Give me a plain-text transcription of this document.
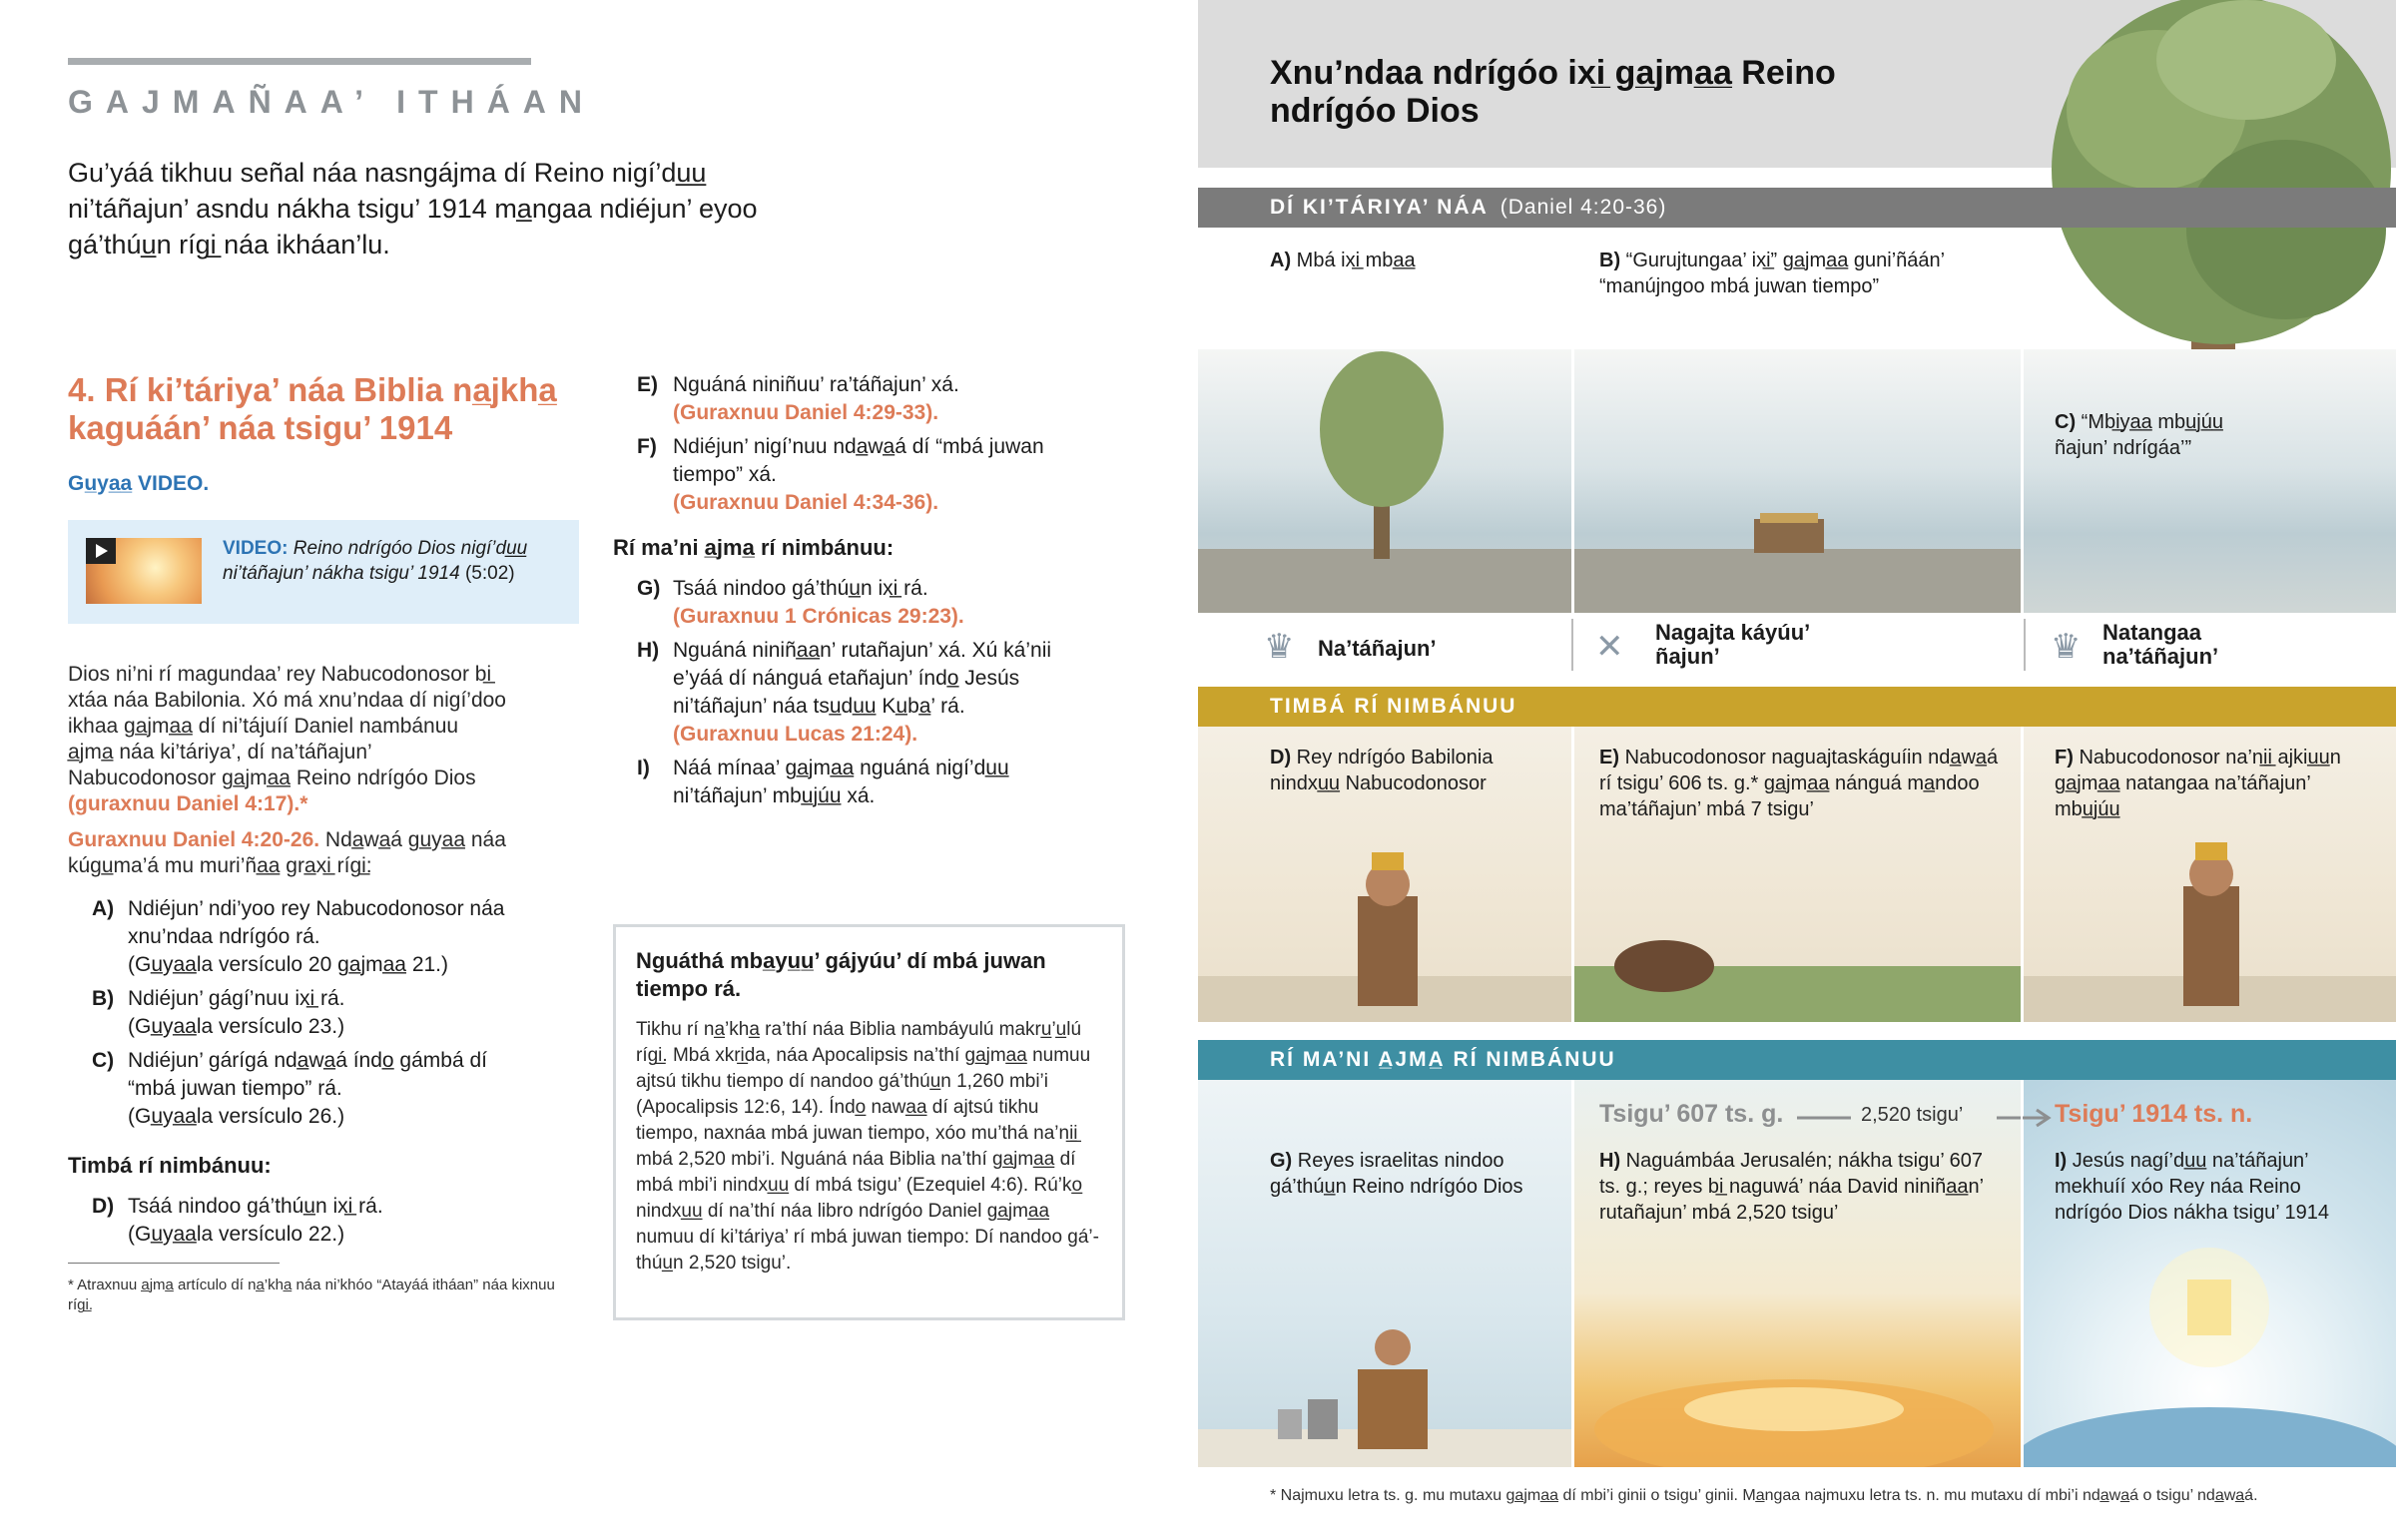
GAJMAÑAA’ ITHÁAN
Gu’yáá tikhuu señal náa nasngájma dí Reino nigí’du̲u̲ ni’táñajun’ asndu nákha tsigu’ 1914 ma̲ngaa ndiéjun’ eyoo gá’thúu̲n rígi̲ náa ikháan’lu.
4. Rí ki’táriya’ náa Biblia na̲jkha̲ kaguáán’ náa tsigu’ 1914
Gu̲ya̲a̲ VIDEO.
VIDEO: Reino ndrígóo Dios nigí’du̲u̲ ni’táñajun’ nákha tsigu’ 1914 (5:02)
Dios ni’ni rí magundaa’ rey Nabucodonosor bi̲ xtáa náa Babilonia. Xó má xnu’ndaa dí nigí’doo ikhaa ga̲jma̲a̲ dí ni’tájuíí Daniel nambánuu a̲jma̲ náa ki’táriya’, dí na’táñajun’ Nabucodonosor ga̲jma̲a̲ Reino ndrígóo Dios (guraxnuu Daniel 4:17).*
Guraxnuu Daniel 4:20-26. Nda̲wa̲á gu̲ya̲a̲ náa kúgu̲ma’á mu muri’ña̲a̲ gra̲xi̲ rígi̲:
A) Ndiéjun’ ndi’yoo rey Nabucodonosor náa xnu’ndaa ndrígóo rá.
(Gu̲ya̲a̲la versículo 20 ga̲jma̲a̲ 21.)
B) Ndiéjun’ gágí’nuu ixi̲ rá.
(Gu̲ya̲a̲la versículo 23.)
C) Ndiéjun’ gárígá nda̲wa̲á índo̲ gámbá dí “mbá juwan tiempo” rá.
(Gu̲ya̲a̲la versículo 26.)
Timbá rí nimbánuu:
D) Tsáá nindoo gá’thúu̲n ixi̲ rá.
(Gu̲ya̲a̲la versículo 22.)
* Atraxnuu a̲jma̲ artículo dí na̲’kha̲ náa ni’khóo “Atayáá itháan” náa kixnuu rígi̲.
E) Nguáná niniñuu’ ra’táñajun’ xá.
(Guraxnuu Daniel 4:29-33).
F) Ndiéjun’ nigí’nuu nda̲wa̲á dí “mbá juwan tiempo” xá.
(Guraxnuu Daniel 4:34-36).
Rí ma’ni a̲jma̲ rí nimbánuu:
G) Tsáá nindoo gá’thúu̲n ixi̲ rá.
(Guraxnuu 1 Crónicas 29:23).
H) Nguáná niniña̲a̲n’ rutañajun’ xá. Xú ká’nii e’yáá dí nánguá etañajun’ índo̲ Jesús ni’táñajun’ náa tsu̲du̲u̲ Ku̲ba̲’ rá.
(Guraxnuu Lucas 21:24).
I)	Náá mínaa’ ga̲jma̲a̲ nguáná nigí’du̲u̲ ni’táñajun’ mbu̲jú̲u̲ xá.
Nguáthá mba̲yu̲u̲’ gájyúu’ dí mbá juwan tiempo rá.
Tikhu rí na̲’kha̲ ra’thí náa Biblia nambáyulú makru̲’u̲lú rígi̲. Mbá xkri̲da, náa Apocalipsis na’thí ga̲jma̲a̲ numuu ajtsú tikhu tiempo dí nandoo gá’thúu̲n 1,260 mbi’i (Apocalipsis 12:6, 14). Índo̲ nawa̲a̲ dí ajtsú tikhu tiempo, naxnáa mbá juwan tiempo, xóo mu’thá na’ni̲i̲ mbá 2,520 mbi’i. Nguáná náa Biblia na’thí ga̲jma̲a̲ dí mbá mbi’i nindxu̲u̲ dí mbá tsigu’ (Ezequiel 4:6). Rú’ko̲ nindxu̲u̲ dí na’thí náa libro ndrígóo Daniel ga̲jma̲a̲ numuu dí ki’táriya’ rí mbá juwan tiempo: Dí nandoo gá’thúu̲n 2,520 tsigu’.
Xnu’ndaa ndrígóo ixi̲ ga̲jma̲a̲ Reino ndrígóo Dios
DÍ KI’TÁRIYA’ NÁA (Daniel 4:20-36)
A) Mbá ixi̲ mba̲a̲	B) “Gurujtungaa’ ixi̲” ga̲jma̲a̲ guni’ñáán’ “manújngoo mbá juwan tiempo”
C) “Mbi̲ya̲a̲ mbu̲jú̲u̲ ñajun’ ndrígáa’”
♛ Na’táñajun’	✕ Nagajta káyúu’ ñajun’	♛ Natangaa na’táñajun’
TIMBÁ RÍ NIMBÁNUU
D) Rey ndrígóo Babilonia nindxu̲u̲ Nabucodonosor
E) Nabucodonosor naguajtaskáguíin nda̲wa̲á rí tsigu’ 606 ts. g.* ga̲jma̲a̲ nánguá ma̲ndoo ma’táñajun’ mbá 7 tsigu’
F) Nabucodonosor na’ni̲i̲ ajkiu̲u̲n ga̲jma̲a̲ natangaa na’táñajun’ mbu̲jú̲u̲
RÍ MA’NI A̲JMA̲ RÍ NIMBÁNUU
G) Reyes israelitas nindoo gá’thúu̲n Reino ndrígóo Dios
Tsigu’ 607 ts. g.	2,520 tsigu’	Tsigu’ 1914 ts. n.
H) Naguámbáa Jerusalén; nákha tsigu’ 607 ts. g.; reyes bi̲ naguwá’ náa David niniña̲a̲n’ rutañajun’ mbá 2,520 tsigu’
I) Jesús nagí’du̲u̲ na’táñajun’ mekhuíí xóo Rey náa Reino ndrígóo Dios nákha tsigu’ 1914
* Najmuxu letra ts. g. mu mutaxu ga̲jma̲a̲ dí mbi’i ginii o tsigu’ ginii. Ma̲ngaa najmuxu letra ts. n. mu mutaxu dí mbi’i nda̲wa̲á o tsigu’ nda̲wa̲á.
